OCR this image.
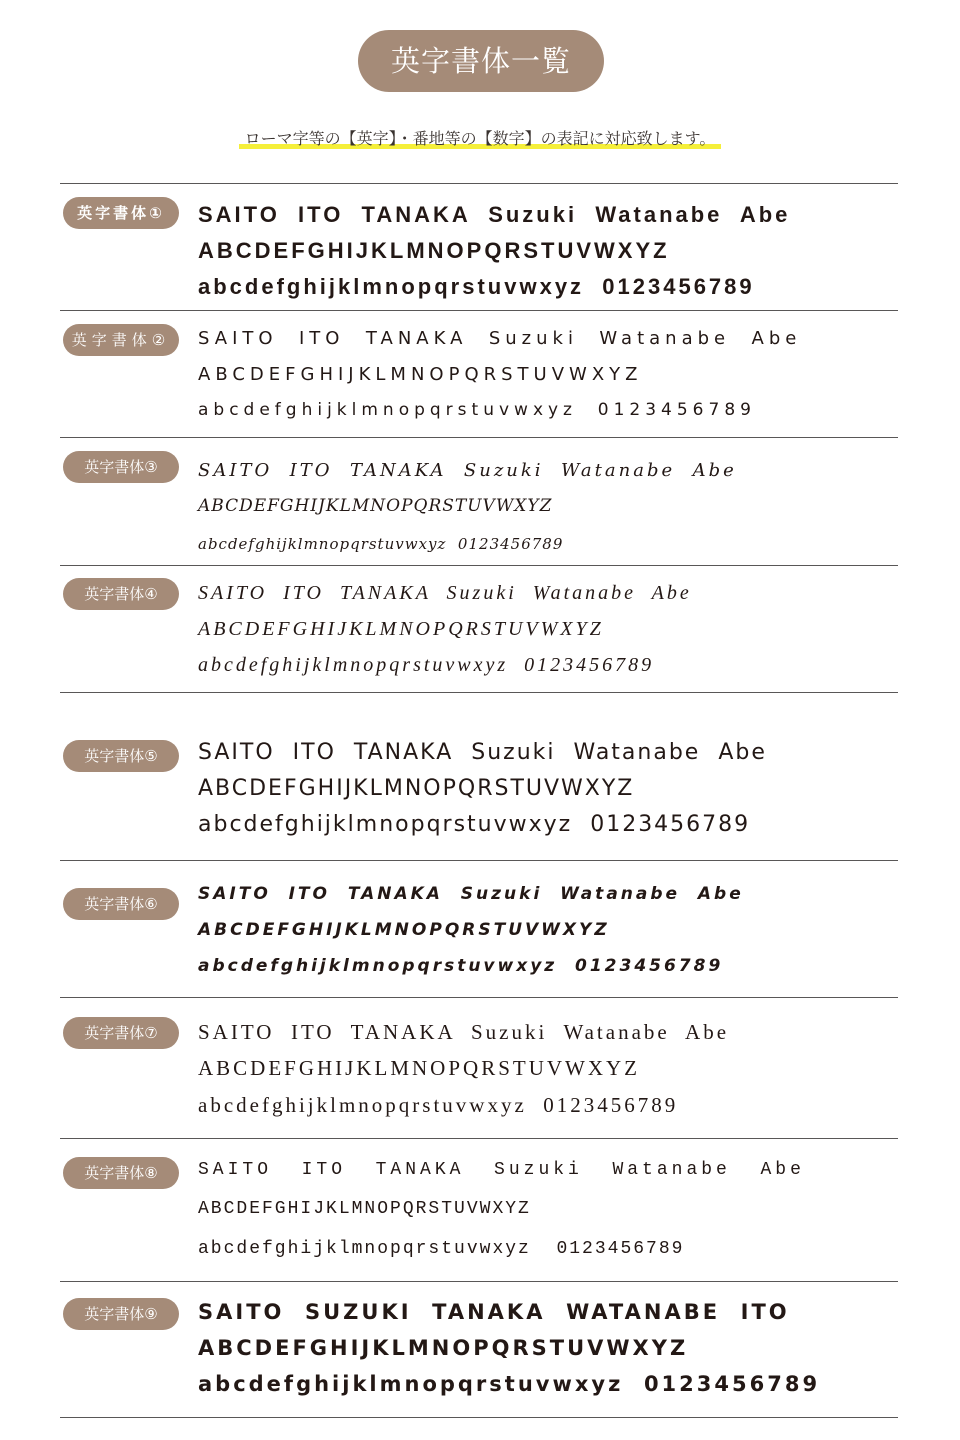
英字書体一覧
ローマ字等の【英字】・番地等の【数字】の表記に対応致します。
英字書体①	SAITO  ITO  TANAKA  Suzuki  Watanabe  Abe
ABCDEFGHIJKLMNOPQRSTUVWXYZ
abcdefghijklmnopqrstuvwxyz  0123456789
英字書体②	SAITO  ITO  TANAKA  Suzuki  Watanabe  Abe
ABCDEFGHIJKLMNOPQRSTUVWXYZ
abcdefghijklmnopqrstuvwxyz  0123456789
英字書体③	SAITO  ITO  TANAKA  Suzuki  Watanabe  Abe
ABCDEFGHIJKLMNOPQRSTUVWXYZ
abcdefghijklmnopqrstuvwxyz  0123456789
英字書体④	SAITO  ITO  TANAKA  Suzuki  Watanabe  Abe
ABCDEFGHIJKLMNOPQRSTUVWXYZ
abcdefghijklmnopqrstuvwxyz  0123456789
英字書体⑤	SAITO  ITO  TANAKA  Suzuki  Watanabe  Abe
ABCDEFGHIJKLMNOPQRSTUVWXYZ
abcdefghijklmnopqrstuvwxyz  0123456789
英字書体⑥	SAITO  ITO  TANAKA  Suzuki  Watanabe  Abe
ABCDEFGHIJKLMNOPQRSTUVWXYZ
abcdefghijklmnopqrstuvwxyz  0123456789
英字書体⑦	SAITO  ITO  TANAKA  Suzuki  Watanabe  Abe
ABCDEFGHIJKLMNOPQRSTUVWXYZ
abcdefghijklmnopqrstuvwxyz  0123456789
英字書体⑧	SAITO  ITO  TANAKA  Suzuki  Watanabe  Abe
ABCDEFGHIJKLMNOPQRSTUVWXYZ
abcdefghijklmnopqrstuvwxyz  0123456789
英字書体⑨	SAITO  SUZUKI  TANAKA  WATANABE  ITO
ABCDEFGHIJKLMNOPQRSTUVWXYZ
abcdefghijklmnopqrstuvwxyz  0123456789
